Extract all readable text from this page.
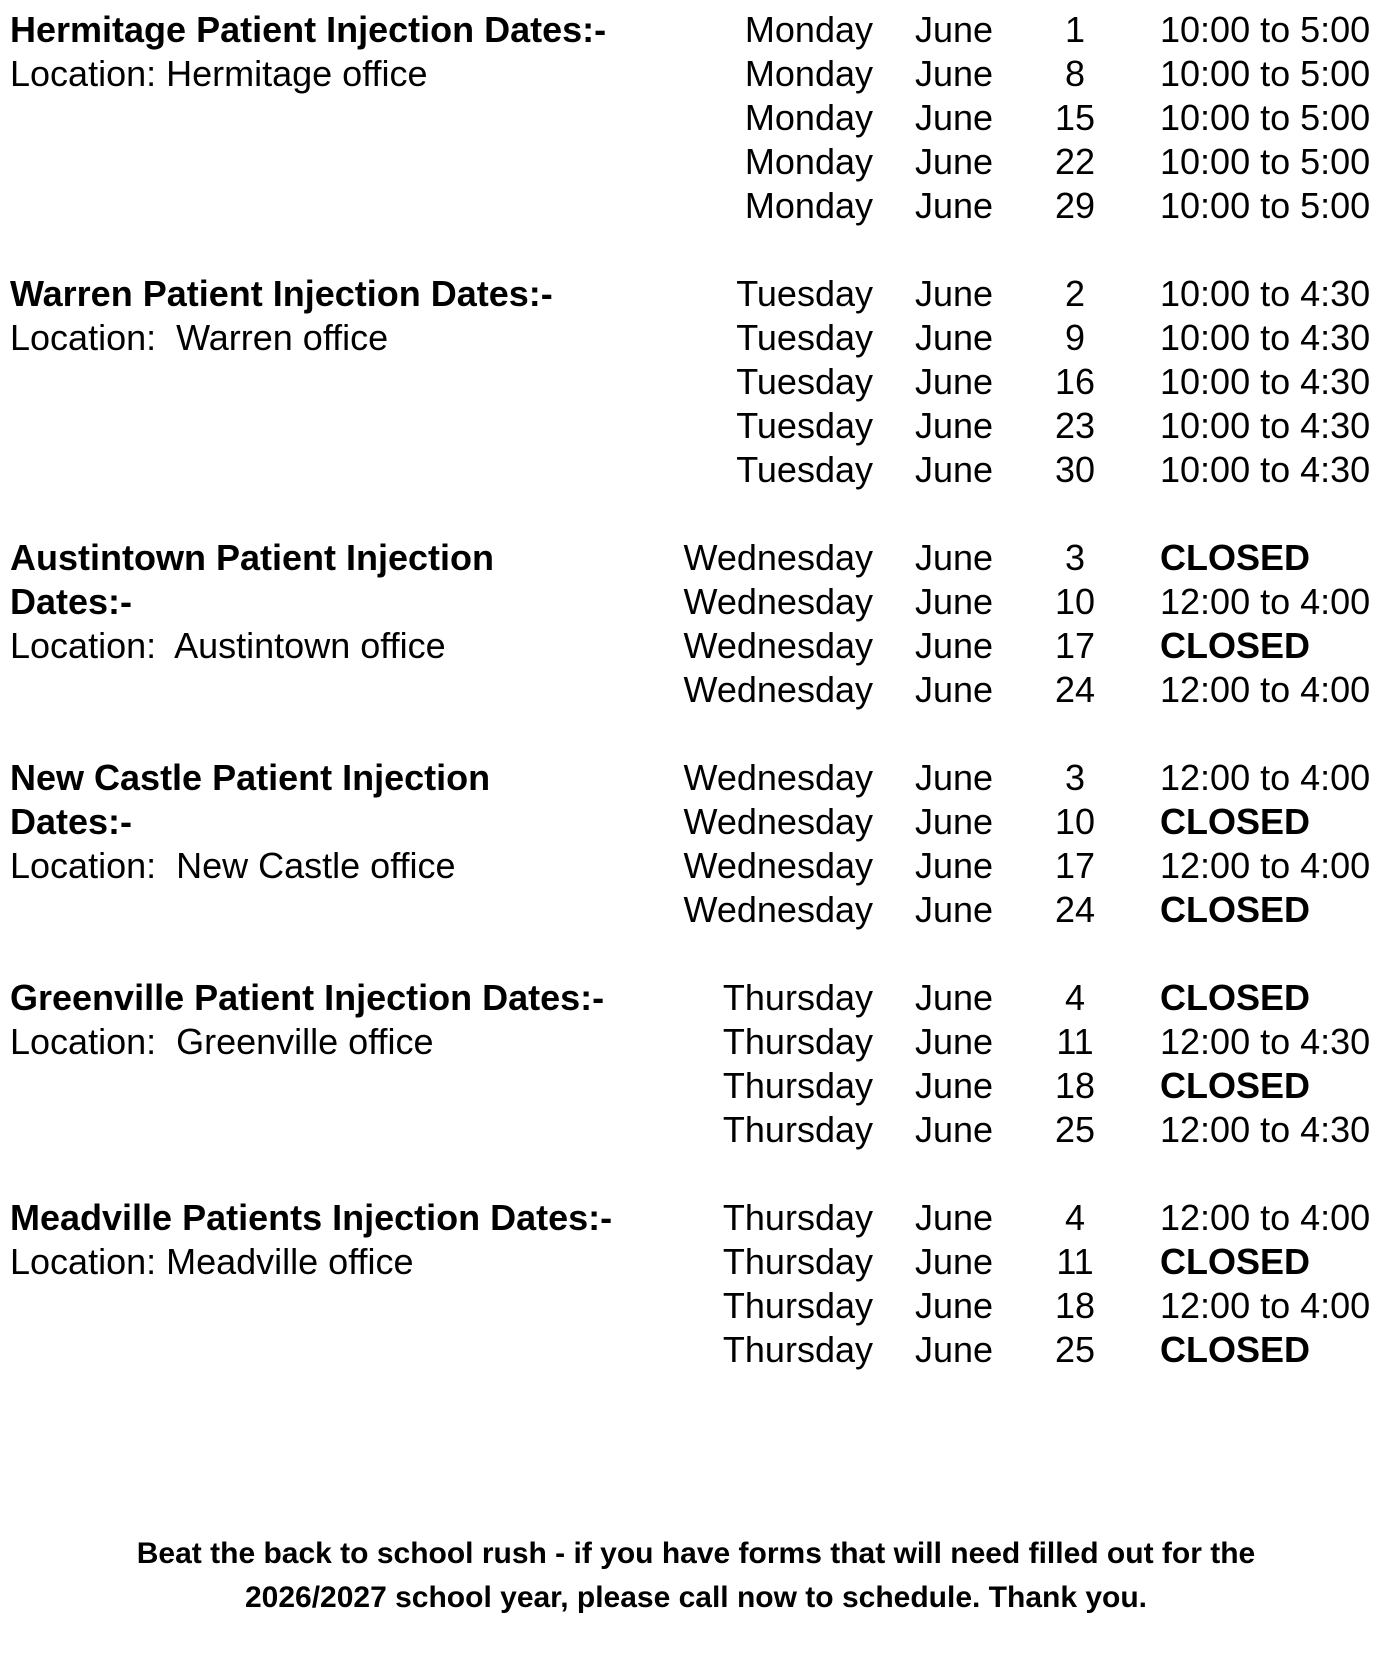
Hermitage Patient Injection Dates:-
Location: Hermitage office
Monday	June	1	10:00 to 5:00
Monday	June	8	10:00 to 5:00
Monday	June	15	10:00 to 5:00
Monday	June	22	10:00 to 5:00
Monday	June	29	10:00 to 5:00
Warren Patient Injection Dates:-
Location:  Warren office
Tuesday	June	2	10:00 to 4:30
Tuesday	June	9	10:00 to 4:30
Tuesday	June	16	10:00 to 4:30
Tuesday	June	23	10:00 to 4:30
Tuesday	June	30	10:00 to 4:30
Austintown Patient Injection Dates:-
Location:  Austintown office
Wednesday	June	3	CLOSED
Wednesday	June	10	12:00 to 4:00
Wednesday	June	17	CLOSED
Wednesday	June	24	12:00 to 4:00
New Castle Patient Injection Dates:-
Location:  New Castle office
Wednesday	June	3	12:00 to 4:00
Wednesday	June	10	CLOSED
Wednesday	June	17	12:00 to 4:00
Wednesday	June	24	CLOSED
Greenville Patient Injection Dates:-
Location:  Greenville office
Thursday	June	4	CLOSED
Thursday	June	11	12:00 to 4:30
Thursday	June	18	CLOSED
Thursday	June	25	12:00 to 4:30
Meadville Patients Injection Dates:-
Location: Meadville office
Thursday	June	4	12:00 to 4:00
Thursday	June	11	CLOSED
Thursday	June	18	12:00 to 4:00
Thursday	June	25	CLOSED
Beat the back to school rush - if you have forms that will need filled out for the
2026/2027 school year, please call now to schedule. Thank you.
